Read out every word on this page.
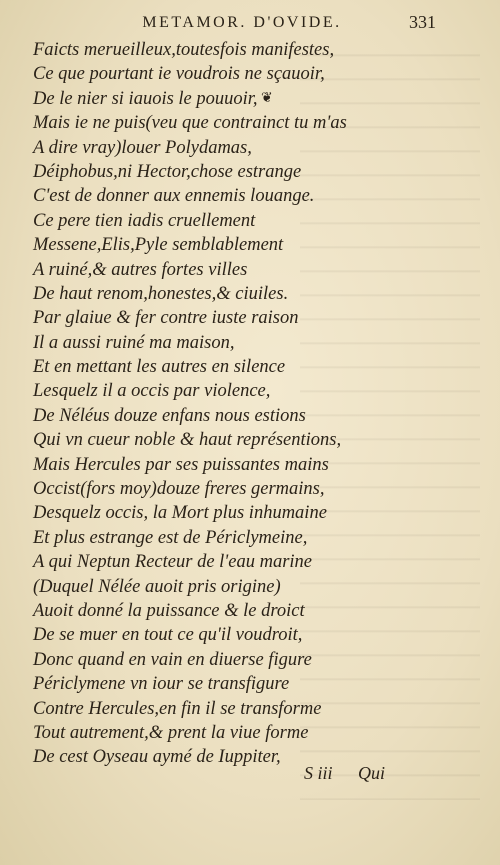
METAMOR. D'OVIDE.	331
Faicts merueilleux,toutesfois manifestes,
Ce que pourtant ie voudrois ne sçauoir,
De le nier si iauois le pouuoir,
Mais ie ne puis(veu que contrainct tu m'as
A dire vray)louer Polydamas,
Déiphobus,ni Hector,chose estrange
C'est de donner aux ennemis louange.
Ce pere tien iadis cruellement
Messene,Elis,Pyle semblablement
A ruiné,& autres fortes villes
De haut renom,honestes,& ciuiles.
Par glaiue & fer contre iuste raison
Il a aussi ruiné ma maison,
Et en mettant les autres en silence
Lesquelz il a occis par violence,
De Néléus douze enfans nous estions
Qui vn cueur noble & haut représentions,
Mais Hercules par ses puissantes mains
Occist(fors moy)douze freres germains,
Desquelz occis, la Mort plus inhumaine
Et plus estrange est de Périclymeine,
A qui Neptun Recteur de l'eau marine
(Duquel Nélée auoit pris origine)
Auoit donné la puissance & le droict
De se muer en tout ce qu'il voudroit,
Donc quand en vain en diuerse figure
Périclymene vn iour se transfigure
Contre Hercules,en fin il se transforme
Tout autrement,& prent la viue forme
De cest Oyseau aymé de Iuppiter,
❦
S iii Qui
